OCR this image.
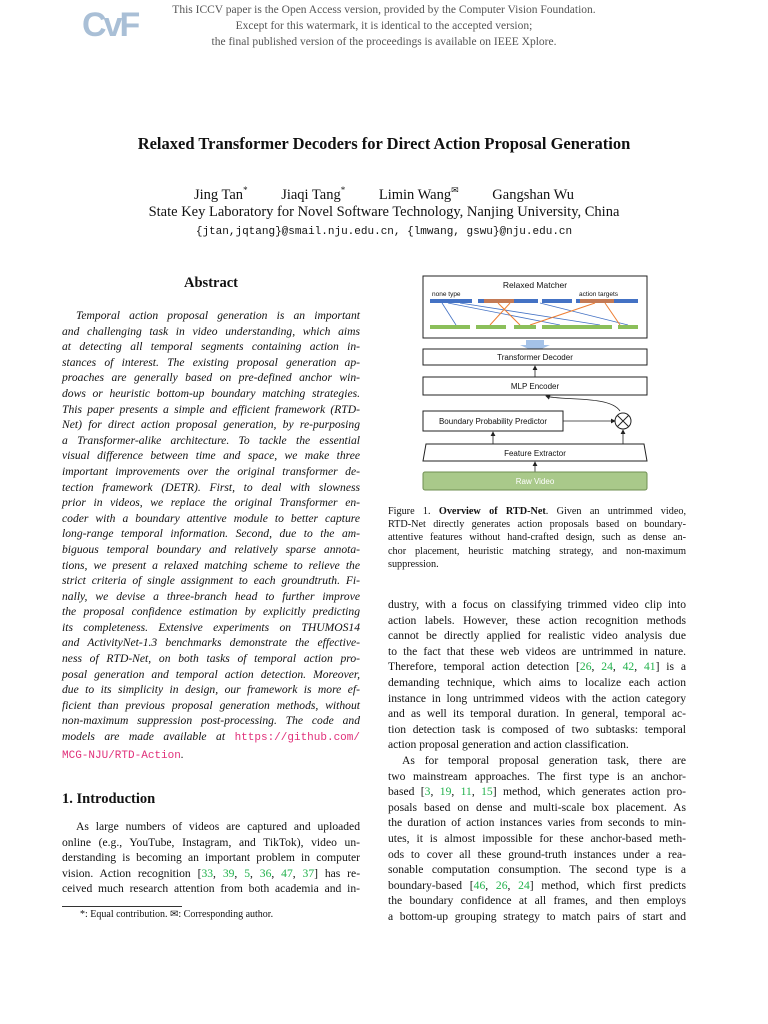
CvF	This ICCV paper is the Open Access version, provided by the Computer Vision Foundation.
Except for this watermark, it is identical to the accepted version;
the final published version of the proceedings is available on IEEE Xplore.
Relaxed Transformer Decoders for Direct Action Proposal Generation
Jing Tan* Jiaqi Tang* Limin Wang✉ Gangshan Wu
State Key Laboratory for Novel Software Technology, Nanjing University, China
{jtan,jqtang}@smail.nju.edu.cn, {lmwang, gswu}@nju.edu.cn
Abstract

Temporal action proposal generation is an important

and challenging task in video understanding, which aims

at detecting all temporal segments containing action in-

stances of interest. The existing proposal generation ap-

proaches are generally based on pre-defined anchor win-

dows or heuristic bottom-up boundary matching strategies.

This paper presents a simple and efficient framework (RTD-

Net) for direct action proposal generation, by re-purposing

a Transformer-alike architecture. To tackle the essential

visual difference between time and space, we make three

important improvements over the original transformer de-

tection framework (DETR). First, to deal with slowness

prior in videos, we replace the original Transformer en-

coder with a boundary attentive module to better capture

long-range temporal information. Second, due to the am-

biguous temporal boundary and relatively sparse annota-

tions, we present a relaxed matching scheme to relieve the

strict criteria of single assignment to each groundtruth. Fi-

nally, we devise a three-branch head to further improve

the proposal confidence estimation by explicitly predicting

its completeness. Extensive experiments on THUMOS14

and ActivityNet-1.3 benchmarks demonstrate the effective-

ness of RTD-Net, on both tasks of temporal action pro-

posal generation and temporal action detection. Moreover,

due to its simplicity in design, our framework is more ef-

ficient than previous proposal generation methods, without

non-maximum suppression post-processing. The code and

models are made available at https://github.com/

MCG-NJU/RTD-Action.

1. Introduction

As large numbers of videos are captured and uploaded

online (e.g., YouTube, Instagram, and TikTok), video un-

derstanding is becoming an important problem in computer

vision. Action recognition [33, 39, 5, 36, 47, 37] has re-

ceived much research attention from both academia and in-

*: Equal contribution. ✉: Corresponding author.
Relaxed Matcher
none type	action targets
Transformer Decoder
MLP Encoder
Boundary Probability Predictor
Feature Extractor
Raw Video

Figure 1. Overview of RTD-Net. Given an untrimmed video,

RTD-Net directly generates action proposals based on boundary-

attentive features without hand-crafted design, such as dense an-

chor placement, heuristic matching strategy, and non-maximum

suppression.

dustry, with a focus on classifying trimmed video clip into

action labels. However, these action recognition methods

cannot be directly applied for realistic video analysis due

to the fact that these web videos are untrimmed in nature.

Therefore, temporal action detection [26, 24, 42, 41] is a

demanding technique, which aims to localize each action

instance in long untrimmed videos with the action category

and as well its temporal duration. In general, temporal ac-

tion detection task is composed of two subtasks: temporal

action proposal generation and action classification.

As for temporal proposal generation task, there are

two mainstream approaches. The first type is an anchor-

based [3, 19, 11, 15] method, which generates action pro-

posals based on dense and multi-scale box placement. As

the duration of action instances varies from seconds to min-

utes, it is almost impossible for these anchor-based meth-

ods to cover all these ground-truth instances under a rea-

sonable computation consumption. The second type is a

boundary-based [46, 26, 24] method, which first predicts

the boundary confidence at all frames, and then employs

a bottom-up grouping strategy to match pairs of start and
